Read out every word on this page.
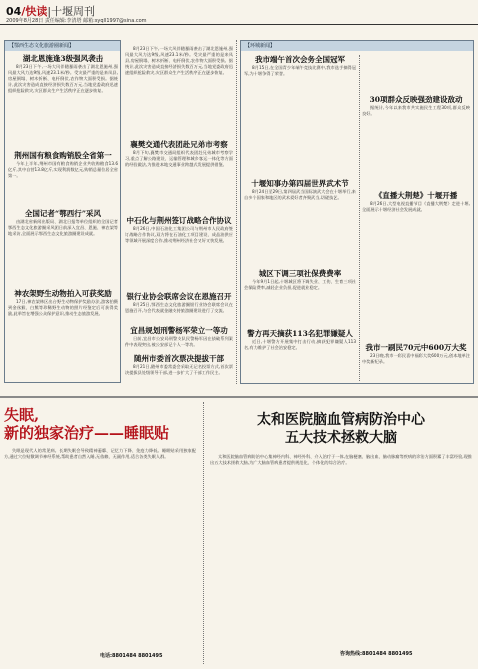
04/快读|十堰周刊
2009年8月28日 责任编辑:李清塔 邮箱:syqll1997@sina.com
【鄂西生态文化旅游圈新闻】
湖北恩施逢3级强风袭击

8月23日下午,一场大风伴随暴雨袭击了湖北恩施州,强风最大风力达9级,风速23.1米/秒。受灾最严重的是来凤县,房屋倒塌、树木折断、电杆倒伏,农作物大面积受损。据统计,此次灾害造成直接经济损失数百万元,当地党委政府迅速组织抢险救灾,灾区群众生产生活秩序正在逐步恢复。

荆州国有粮食购销股全省第一

今年上半年,荆州市国有粮食购销企业共收购粮食13.6亿斤,其中自营13.8亿斤,实现利润数亿元,购销总量位居全省第一。

全国记者“鄂西行”采风

由湖北省新闻出版局、湖北日报等单位组织的全国记者鄂西生态文化旅游圈采风团日前深入宜昌、恩施、神农架等地采访,全面展示鄂西生态文化旅游圈建设成就。

神农架野生动物拍入可获奖励

17日,神农架林区出台野生动物保护奖励办法,游客拍摄到金丝猴、白熊等珍稀野生动物的照片经鉴定后可获得奖励,此举旨在增强公众保护意识,推动生态旅游发展。

8月23日下午,一场大风伴随暴雨袭击了湖北恩施州,强风最大风力达9级,风速23.1米/秒。受灾最严重的是来凤县,房屋倒塌、树木折断、电杆倒伏,农作物大面积受损。据统计,此次灾害造成直接经济损失数百万元,当地党委政府迅速组织抢险救灾,灾区群众生产生活秩序正在逐步恢复。

襄樊交通代表团赴兄弟市考察

8月下旬,襄樊市交通局组织代表团赴兄弟城市考察学习,重点了解公路建设、运输管理和城乡客运一体化等方面的经验做法,为推进本地交通事业跨越式发展提供借鉴。

中石化与荆州签订战略合作协议

8月26日,中国石油化工集团公司与荆州市人民政府签订战略合作协议,双方将在石油化工项目建设、成品油供应等领域开展深度合作,推动荆州经济社会又好又快发展。

银行业协会联席会议在恩施召开

8月25日,鄂西生态文化旅游圈银行业协会联席会议在恩施召开,与会代表就金融支持旅游圈建设进行了交流。

宜昌规划刑警杨军荣立一等功

日前,宜昌市公安局刑警支队民警杨军因在侦破系列案件中表现突出,被公安部记个人一等功。

随州市委首次票决提拔干部

8月21日,随州市委常委会采取无记名投票方式,首次票决提拔县处级领导干部,进一步扩大了干部工作民主。

【环城新闻】
我市端午首次会务全国冠军

8月15日,在全国青少年端午竞技比赛中,我市选手摘得冠军,为十堰争得了荣誉。

十堰知事办第四届世界武术节

8月24日至29日,第四届武当国际演武大会在十堰举行,来自多个国家和地区的武术爱好者齐聚武当,切磋技艺。

城区下调三项社保费费率

今年9月1日起,十堰城区将下调失业、工伤、生育三项社会保险费率,减轻企业负担,促进就业稳定。

警方再天摘获113名犯罪嫌疑人

近日,十堰警方开展集中打击行动,摘获犯罪嫌疑人113名,有力维护了社会治安稳定。

30项群众反映强劲建设敌动

据统计,今年以来我市共实施民生工程30项,群众反映良好。

《直播大荆楚》十堰开播

8月26日,大型电视直播节目《直播大荆楚》走进十堰,全面展示十堰经济社会发展成就。

我市一刷民70元中600万大奖

23日晚,我市一彩民喜中福彩大奖600万元,创本地单注中奖新纪录。

失眠,
新的独家治疗——睡眠贴

失眠是现代人的常见病。长期失眠会导致精神萎靡、记忆力下降、免疫力降低。睡眠贴采用独家配方,通过穴位贴敷调节神经系统,帮助患者自然入睡,无依赖、无副作用,适合各类失眠人群。

电话:8801484 8801495
太和医院脑血管病防治中心
五大技术拯救大脑

太和医院脑血管病防治中心集神经内科、神经外科、介入治疗于一体,在脑梗塞、脑出血、脑动脉瘤等疾病的诊治方面积累了丰富经验,现推出五大技术拯救大脑,为广大脑血管病患者提供规范化、个体化的综合治疗。

咨询热线:8801484 8801495
